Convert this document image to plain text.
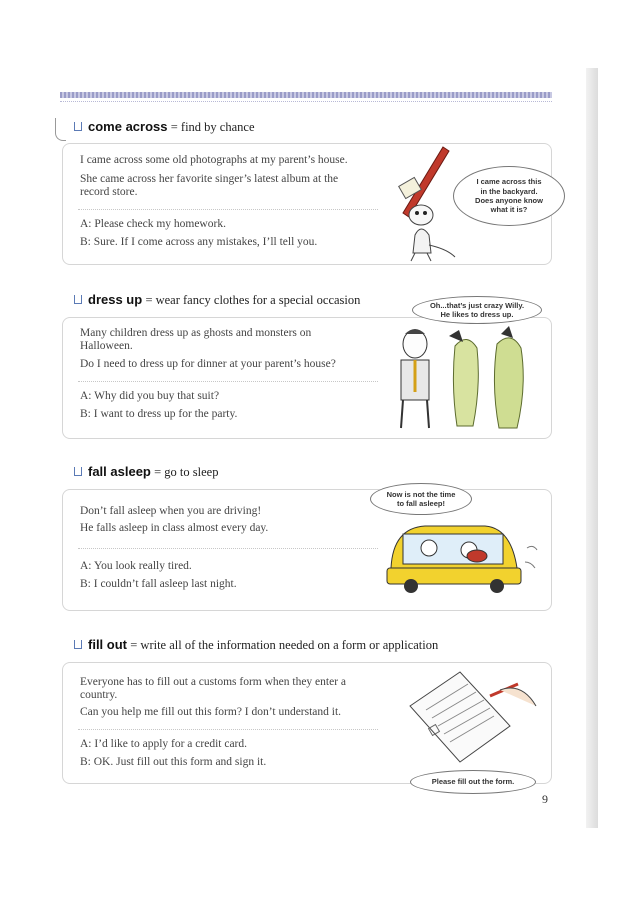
come across = find by chance
I came across some old photographs at my parent’s house.
She came across her favorite singer’s latest album at the
record store.
A: Please check my homework.
B: Sure. If I come across any mistakes, I’ll tell you.
I came across this
in the backyard.
Does anyone know
what it is?
dress up = wear fancy clothes for a special occasion
Many children dress up as ghosts and monsters on
Halloween.
Do I need to dress up for dinner at your parent’s house?
A: Why did you buy that suit?
B: I want to dress up for the party.
Oh...that’s just crazy Willy.
He likes to dress up.
fall asleep = go to sleep
Don’t fall asleep when you are driving!
He falls asleep in class almost every day.
A: You look really tired.
B: I couldn’t fall asleep last night.
Now is not the time
to fall asleep!
fill out = write all of the information needed on a form or application
Everyone has to fill out a customs form when they enter a
country.
Can you help me fill out this form? I don’t understand it.
A: I’d like to apply for a credit card.
B: OK. Just fill out this form and sign it.
Please fill out the form.
9
